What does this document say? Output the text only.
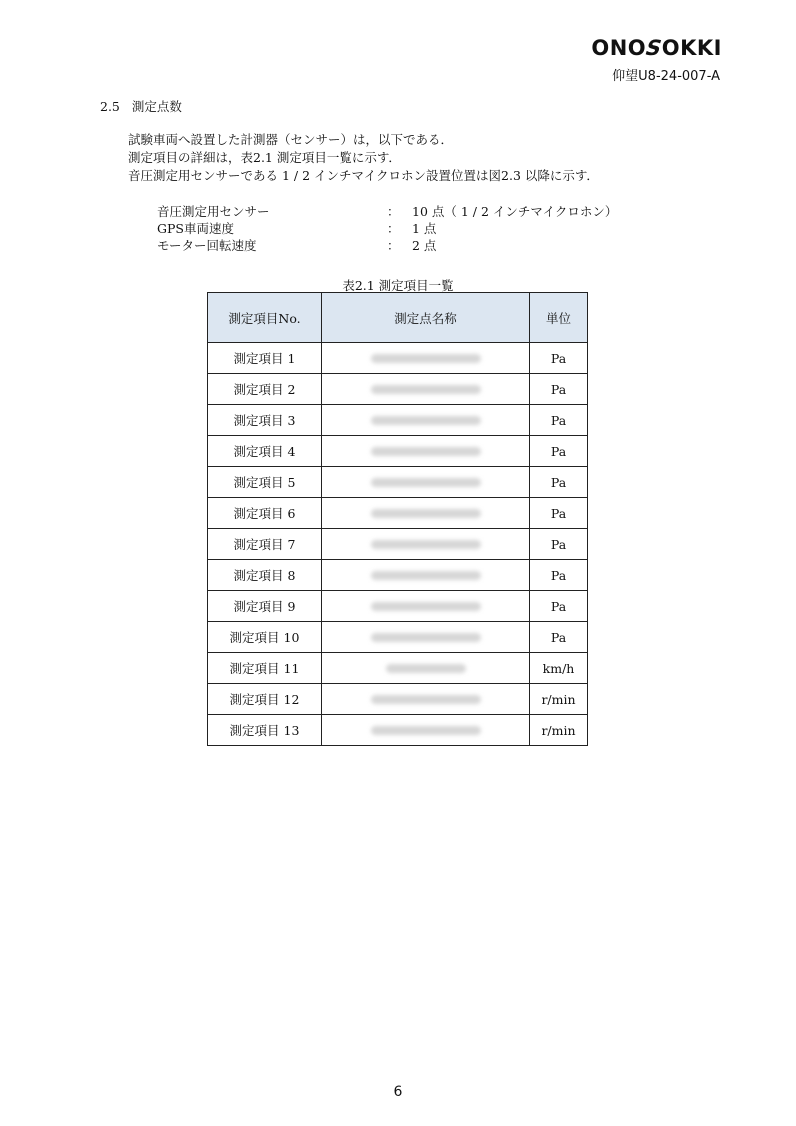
ONOSOKKI
仰望U8-24-007-A
2.5 測定点数
試験車両へ設置した計測器（センサー）は，以下である．
測定項目の詳細は，表2.1 測定項目一覧に示す．
音圧測定用センサーである 1 / 2 インチマイクロホン設置位置は図2.3 以降に示す．
音圧測定用センサー	： 10 点（ 1 / 2 インチマイクロホン）
GPS車両速度	： 1 点
モーター回転速度	： 2 点
表2.1 測定項目一覧
測定項目No.	測定点名称	単位
測定項目 1		Pa
測定項目 2		Pa
測定項目 3		Pa
測定項目 4		Pa
測定項目 5		Pa
測定項目 6		Pa
測定項目 7		Pa
測定項目 8		Pa
測定項目 9		Pa
測定項目 10		Pa
測定項目 11		km/h
測定項目 12		r/min
測定項目 13		r/min
6
